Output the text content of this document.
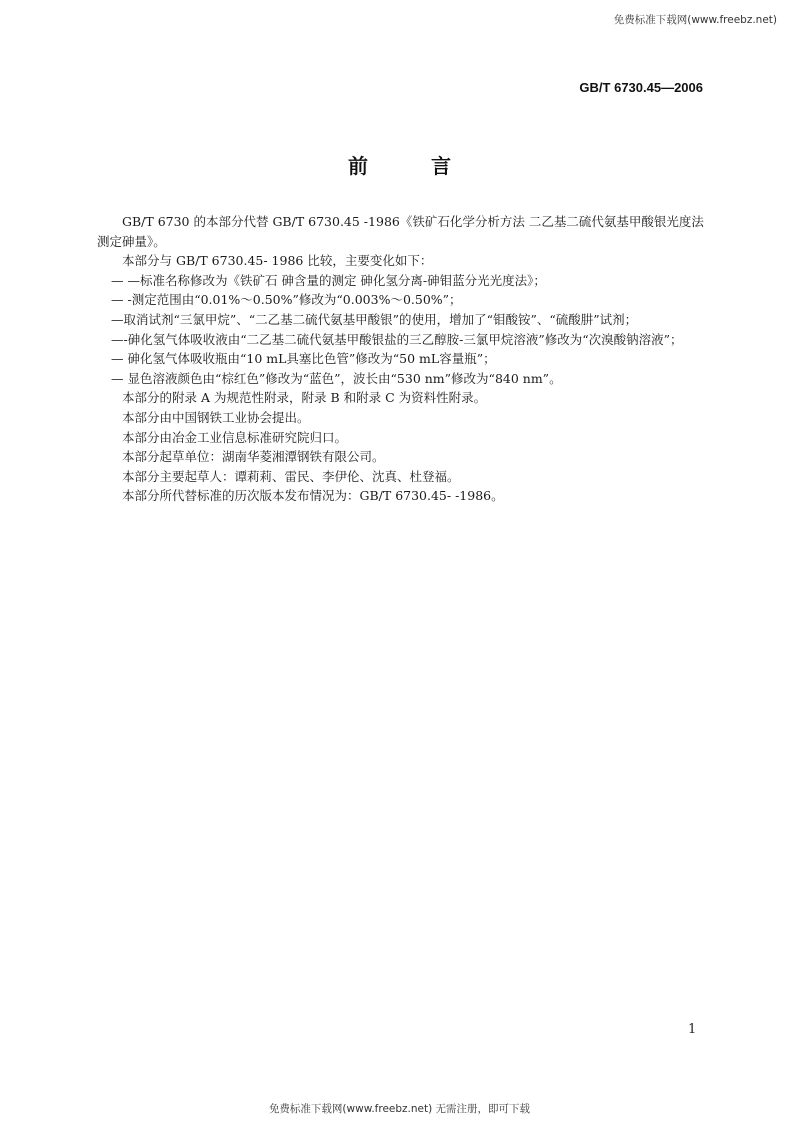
免费标准下载网(www.freebz.net)
GB/T 6730.45—2006
前 言

GB/T 6730 的本部分代替 GB/T 6730.45 -1986《铁矿石化学分析方法 二乙基二硫代氨基甲酸银光度法测定砷量》。

本部分与 GB/T 6730.45- 1986 比较，主要变化如下：

— —标准名称修改为《铁矿石 砷含量的测定 砷化氢分离-砷钼蓝分光光度法》；

— -测定范围由“0.01%～0.50%”修改为“0.003%～0.50%”；

—取消试剂“三氯甲烷”、“二乙基二硫代氨基甲酸银”的使用，增加了“钼酸铵”、“硫酸肼”试剂；

—-砷化氢气体吸收液由“二乙基二硫代氨基甲酸银盐的三乙醇胺-三氯甲烷溶液”修改为“次溴酸钠溶液”；

— 砷化氢气体吸收瓶由“10 mL具塞比色管”修改为“50 mL容量瓶”；

— 显色溶液颜色由“棕红色”修改为“蓝色”，波长由“530 nm”修改为“840 nm”。

本部分的附录 A 为规范性附录，附录 B 和附录 C 为资料性附录。

本部分由中国钢铁工业协会提出。

本部分由冶金工业信息标准研究院归口。

本部分起草单位：湖南华菱湘潭钢铁有限公司。

本部分主要起草人：谭莉莉、雷民、李伊伦、沈真、杜登福。

本部分所代替标准的历次版本发布情况为：GB/T 6730.45- -1986。

1
免费标准下载网(www.freebz.net) 无需注册，即可下载
